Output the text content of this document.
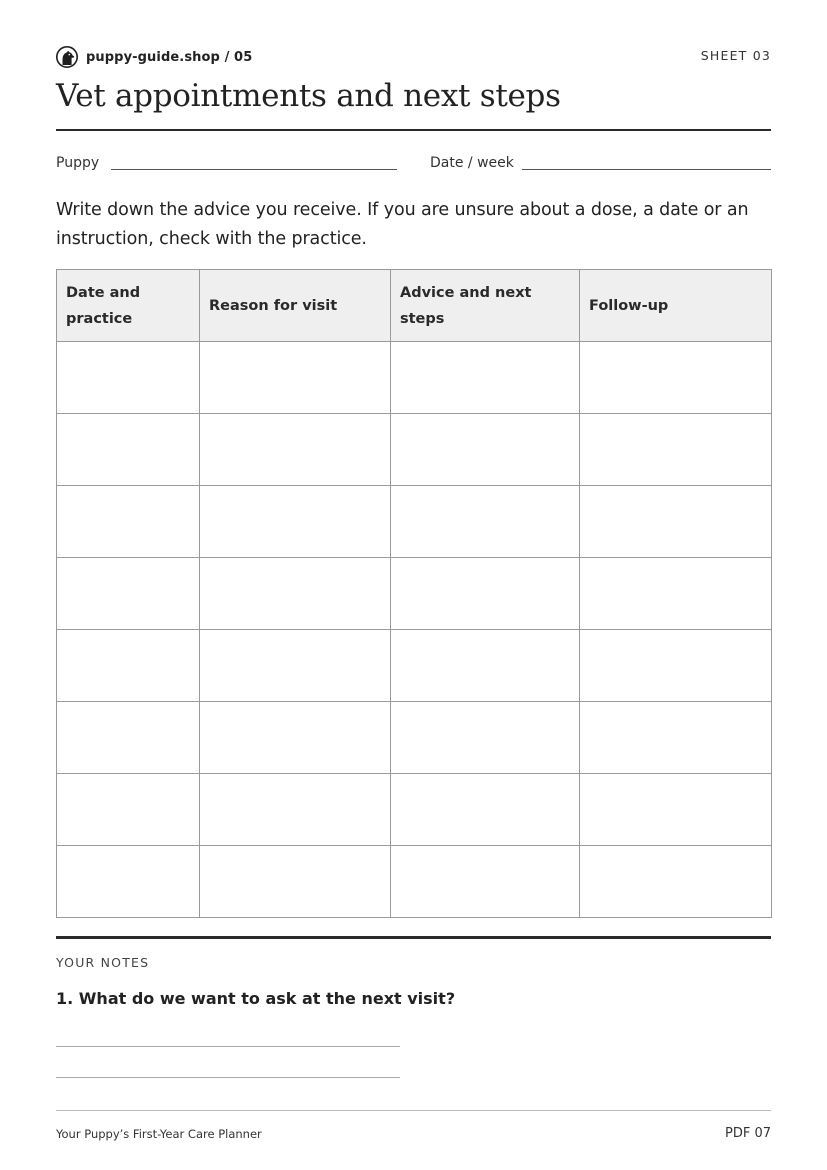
puppy-guide.shop / 05	SHEET 03
Vet appointments and next steps
Puppy	Date / week

Write down the advice you receive. If you are unsure about a dose, a date or an instruction, check with the practice.

Date and practice	Reason for visit	Advice and next steps	Follow-up

YOUR NOTES
1. What do we want to ask at the next visit?
Your Puppy’s First-Year Care Planner	PDF 07
